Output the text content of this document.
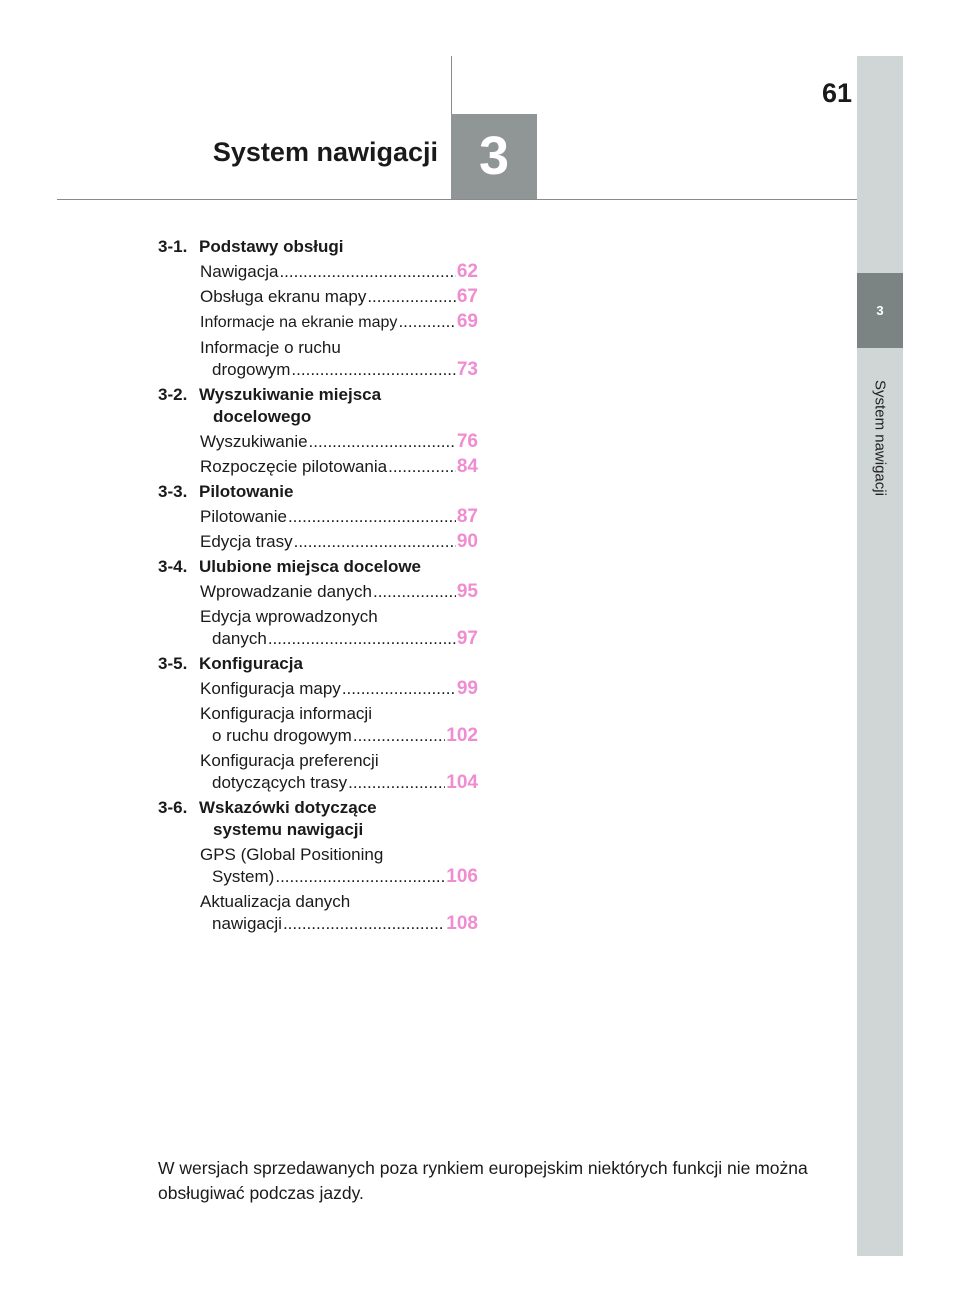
61
3
System nawigacji
3
System nawigacji
3-1. Podstawy obsługi
Nawigacja .....	62
Obsługa ekranu mapy .....	67
Informacje na ekranie mapy .....	69
Informacje o ruchu
drogowym .....	73
3-2. Wyszukiwanie miejsca
docelowego
Wyszukiwanie .....	76
Rozpoczęcie pilotowania .....	84
3-3. Pilotowanie
Pilotowanie .....	87
Edycja trasy .....	90
3-4. Ulubione miejsca docelowe
Wprowadzanie danych .....	95
Edycja wprowadzonych
danych .....	97
3-5. Konfiguracja
Konfiguracja mapy .....	99
Konfiguracja informacji
o ruchu drogowym .....	102
Konfiguracja preferencji
dotyczących trasy .....	104
3-6. Wskazówki dotyczące
systemu nawigacji
GPS (Global Positioning
System) .....	106
Aktualizacja danych
nawigacji .....	108
W wersjach sprzedawanych poza rynkiem europejskim niektórych funkcji nie można obsługiwać podczas jazdy.
